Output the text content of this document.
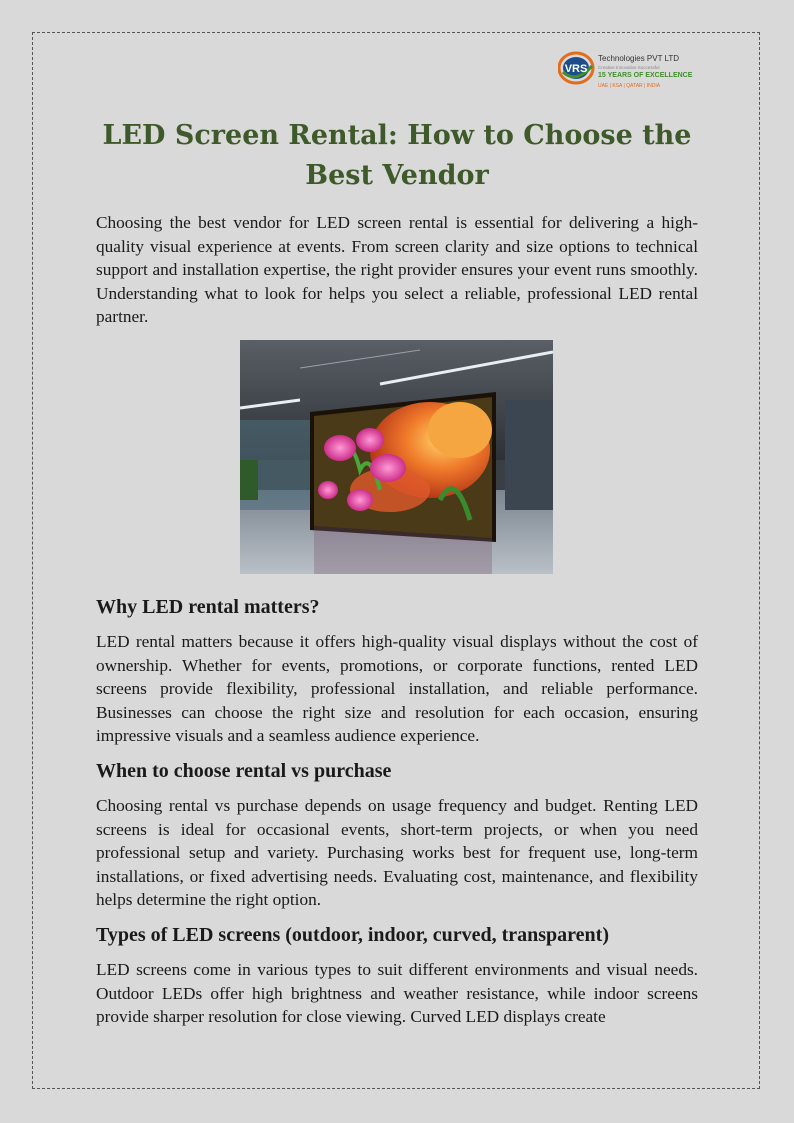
VRS
Technologies PVT LTD
Creative Innovative Successful
15 YEARS OF EXCELLENCE
UAE | KSA | QATAR | INDIA
LED Screen Rental: How to Choose the Best Vendor

Choosing the best vendor for LED screen rental is essential for delivering a high-quality visual experience at events. From screen clarity and size options to technical support and installation expertise, the right provider ensures your event runs smoothly. Understanding what to look for helps you select a reliable, professional LED rental partner.

Why LED rental matters?

LED rental matters because it offers high-quality visual displays without the cost of ownership. Whether for events, promotions, or corporate functions, rented LED screens provide flexibility, professional installation, and reliable performance. Businesses can choose the right size and resolution for each occasion, ensuring impressive visuals and a seamless audience experience.

When to choose rental vs purchase

Choosing rental vs purchase depends on usage frequency and budget. Renting LED screens is ideal for occasional events, short-term projects, or when you need professional setup and variety. Purchasing works best for frequent use, long-term installations, or fixed advertising needs. Evaluating cost, maintenance, and flexibility helps determine the right option.

Types of LED screens (outdoor, indoor, curved, transparent)

LED screens come in various types to suit different environments and visual needs. Outdoor LEDs offer high brightness and weather resistance, while indoor screens provide sharper resolution for close viewing. Curved LED displays create
